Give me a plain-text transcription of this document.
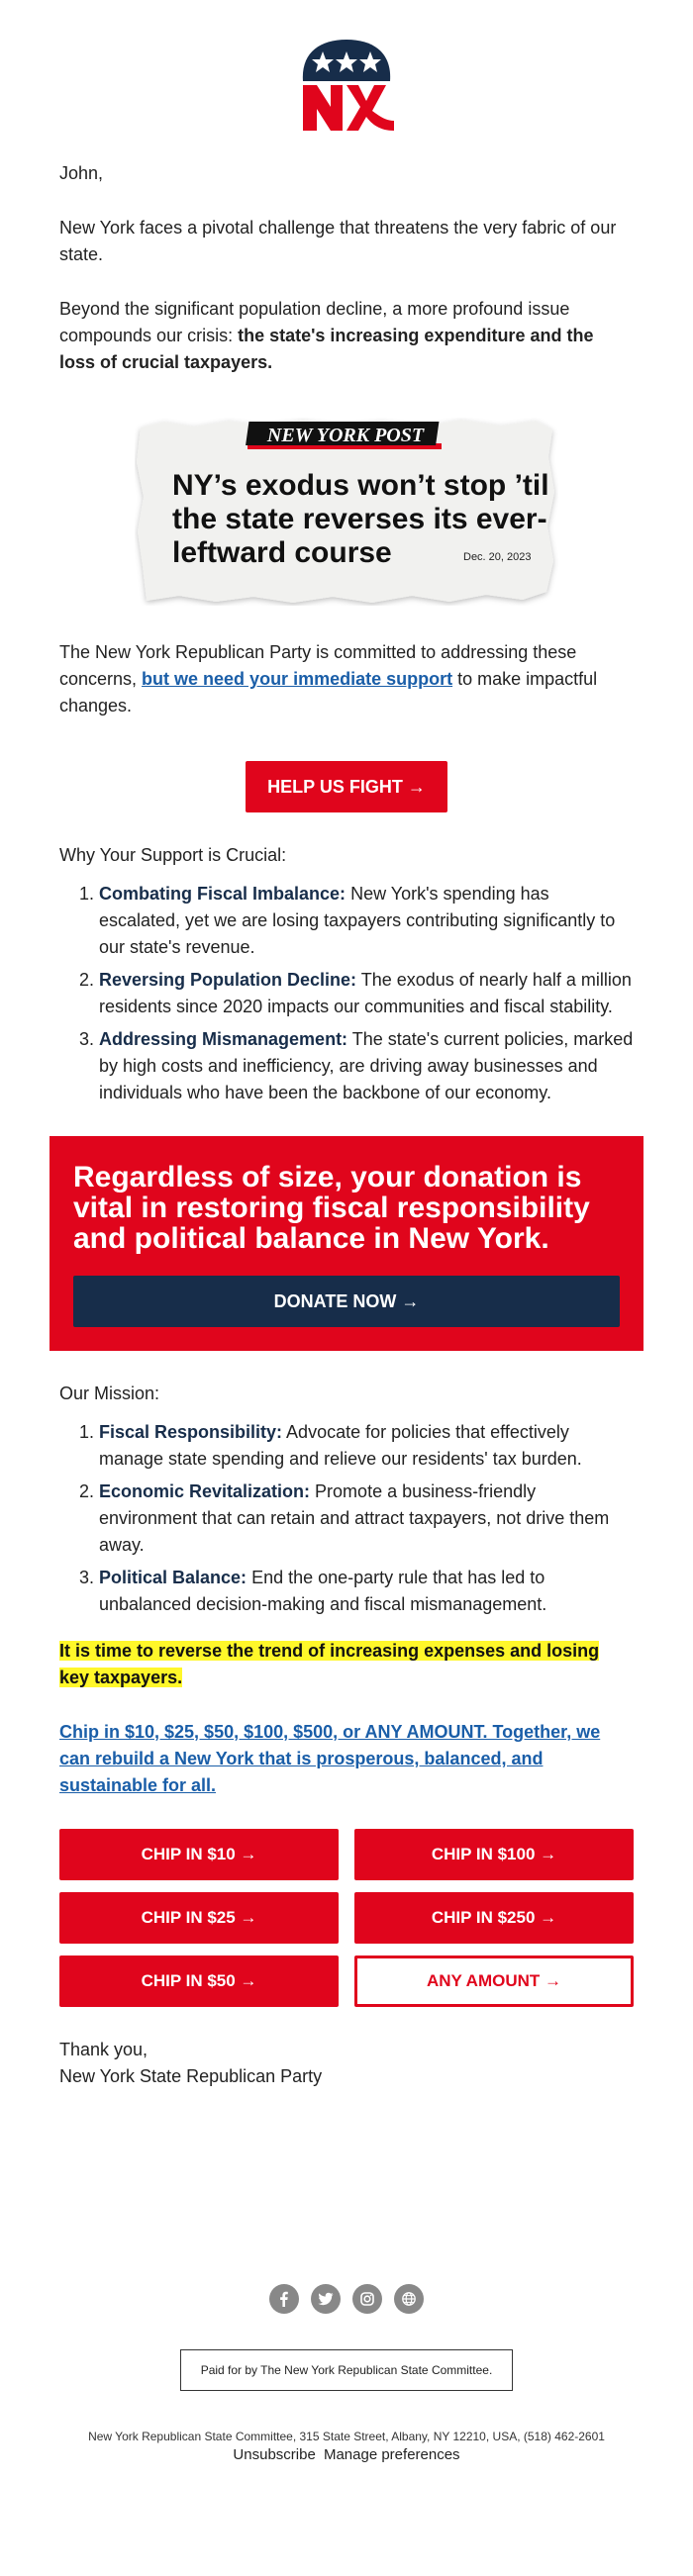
John,

New York faces a pivotal challenge that threatens the very fabric of our state.

Beyond the significant population decline, a more profound issue compounds our crisis: the state's increasing expenditure and the loss of crucial taxpayers.

NEW YORK POST
NY’s exodus won’t stop ’til
the state reverses its ever-
leftward course	Dec. 20, 2023

The New York Republican Party is committed to addressing these concerns, but we need your immediate support to make impactful changes.

HELP US FIGHT →

Why Your Support is Crucial:

1. Combating Fiscal Imbalance: New York's spending has escalated, yet we are losing taxpayers contributing significantly to our state's revenue.
2. Reversing Population Decline: The exodus of nearly half a million residents since 2020 impacts our communities and fiscal stability.
3. Addressing Mismanagement: The state's current policies, marked by high costs and inefficiency, are driving away businesses and individuals who have been the backbone of our economy.

Regardless of size, your donation is vital in restoring fiscal responsibility and political balance in New York.

DONATE NOW →

Our Mission:

1. Fiscal Responsibility: Advocate for policies that effectively manage state spending and relieve our residents' tax burden.
2. Economic Revitalization: Promote a business-friendly environment that can retain and attract taxpayers, not drive them away.
3. Political Balance: End the one-party rule that has led to unbalanced decision-making and fiscal mismanagement.

It is time to reverse the trend of increasing expenses and losing key taxpayers.

Chip in $10, $25, $50, $100, $500, or ANY AMOUNT. Together, we can rebuild a New York that is prosperous, balanced, and sustainable for all.

CHIP IN $10 →	CHIP IN $100 →
CHIP IN $25 →	CHIP IN $250 →
CHIP IN $50 →	ANY AMOUNT →

Thank you,

New York State Republican Party

Paid for by The New York Republican State Committee.
New York Republican State Committee, 315 State Street, Albany, NY 12210, USA, (518) 462-2601
Unsubscribe Manage preferences
